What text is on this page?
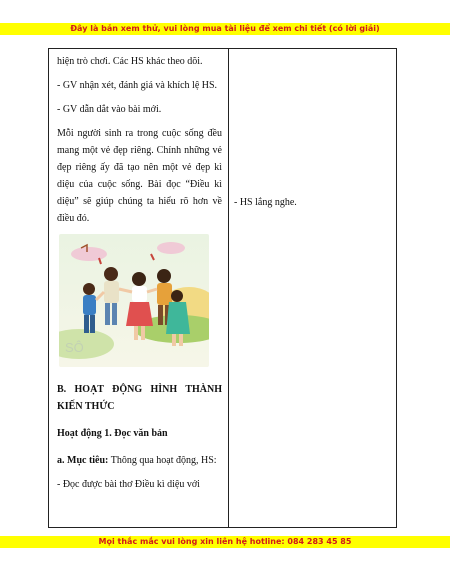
Đây là bản xem thử, vui lòng mua tài liệu để xem chi tiết (có lời giải)

hiện trò chơi. Các HS khác theo dõi.

- GV nhận xét, đánh giá và khích lệ HS.

- GV dẫn dắt vào bài mới.

Mỗi người sinh ra trong cuộc sống đều mang một vẻ đẹp riêng. Chính những vẻ đẹp riêng ấy đã tạo nên một vẻ đẹp kì diệu của cuộc sống. Bài đọc “Điều kì diệu” sẽ giúp chúng ta hiểu rõ hơn về điều đó.

SÔ

B. HOẠT ĐỘNG HÌNH THÀNH KIẾN THỨC

Hoạt động 1. Đọc văn bản

a. Mục tiêu: Thông qua hoạt động, HS:

- Đọc được bài thơ Điều kì diệu với

- HS lắng nghe.

Mọi thắc mắc vui lòng xin liên hệ hotline: 084 283 45 85
